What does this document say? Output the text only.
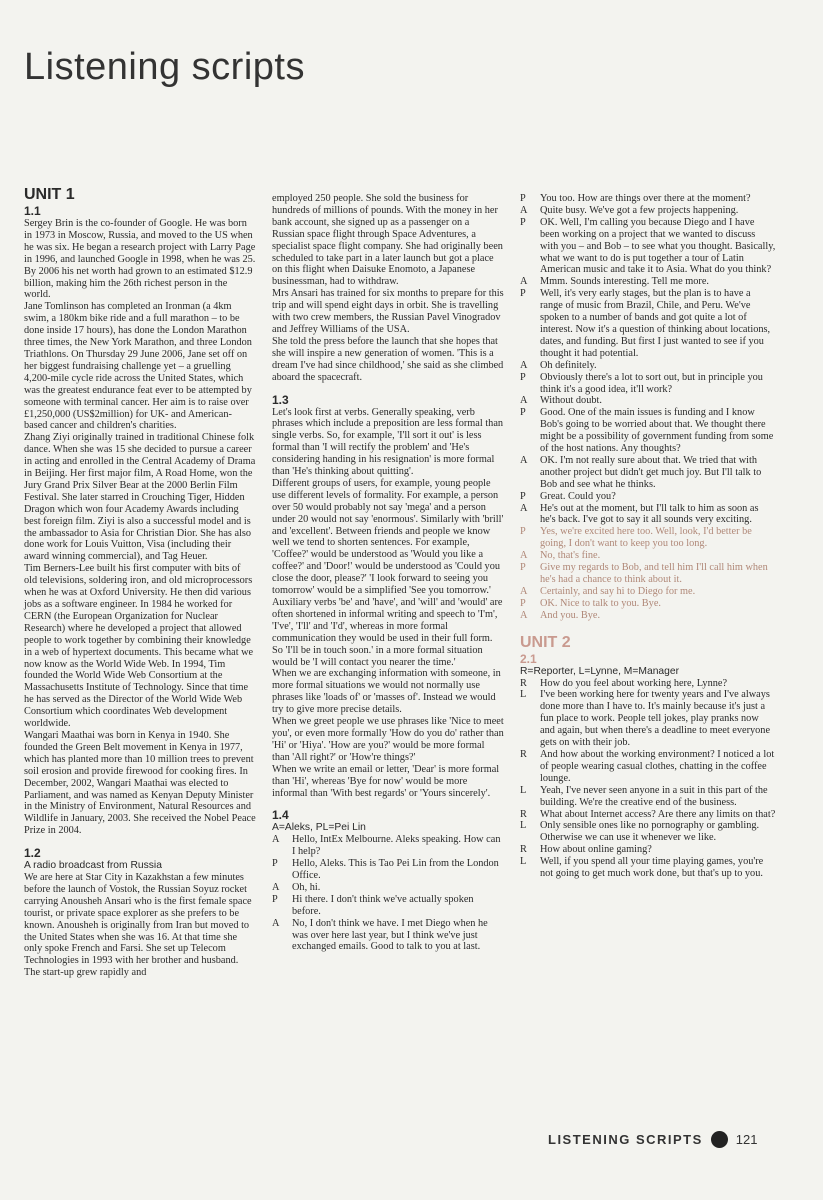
Listening scripts
UNIT 1
1.1

Sergey Brin is the co-founder of Google. He was born in 1973 in Moscow, Russia, and moved to the US when he was six. He began a research project with Larry Page in 1996, and launched Google in 1998, when he was 25. By 2006 his net worth had grown to an estimated $12.9 billion, making him the 26th richest person in the world.

Jane Tomlinson has completed an Ironman (a 4km swim, a 180km bike ride and a full marathon – to be done inside 17 hours), has done the London Marathon three times, the New York Marathon, and three London Triathlons. On Thursday 29 June 2006, Jane set off on her biggest fundraising challenge yet – a gruelling 4,200-mile cycle ride across the United States, which was the greatest endurance feat ever to be attempted by someone with terminal cancer. Her aim is to raise over £1,250,000 (US$2million) for UK- and American- based cancer and children's charities.

Zhang Ziyi originally trained in traditional Chinese folk dance. When she was 15 she decided to pursue a career in acting and enrolled in the Central Academy of Drama in Beijing. Her first major film, A Road Home, won the Jury Grand Prix Silver Bear at the 2000 Berlin Film Festival. She later starred in Crouching Tiger, Hidden Dragon which won four Academy Awards including best foreign film. Ziyi is also a successful model and is the ambassador to Asia for Christian Dior. She has also done work for Louis Vuitton, Visa (including their award winning commercial), and Tag Heuer.

Tim Berners-Lee built his first computer with bits of old televisions, soldering iron, and old microprocessors when he was at Oxford University. He then did various jobs as a software engineer. In 1984 he worked for CERN (the European Organization for Nuclear Research) where he developed a project that allowed people to work together by combining their knowledge in a web of hypertext documents. This became what we now know as the World Wide Web. In 1994, Tim founded the World Wide Web Consortium at the Massachusetts Institute of Technology. Since that time he has served as the Director of the World Wide Web Consortium which coordinates Web development worldwide.

Wangari Maathai was born in Kenya in 1940. She founded the Green Belt movement in Kenya in 1977, which has planted more than 10 million trees to prevent soil erosion and provide firewood for cooking fires. In December, 2002, Wangari Maathai was elected to Parliament, and was named as Kenyan Deputy Minister in the Ministry of Environment, Natural Resources and Wildlife in January, 2003. She received the Nobel Peace Prize in 2004.

1.2

A radio broadcast from Russia

We are here at Star City in Kazakhstan a few minutes before the launch of Vostok, the Russian Soyuz rocket carrying Anousheh Ansari who is the first female space tourist, or private space explorer as she prefers to be known. Anousheh is originally from Iran but moved to the United States when she was 16. At that time she only spoke French and Farsi. She set up Telecom Technologies in 1993 with her brother and husband. The start-up grew rapidly and

employed 250 people. She sold the business for hundreds of millions of pounds. With the money in her bank account, she signed up as a passenger on a Russian space flight through Space Adventures, a specialist space flight company. She had originally been scheduled to take part in a later launch but got a place on this flight when Daisuke Enomoto, a Japanese businessman, had to withdraw.

Mrs Ansari has trained for six months to prepare for this trip and will spend eight days in orbit. She is travelling with two crew members, the Russian Pavel Vinogradov and Jeffrey Williams of the USA.

She told the press before the launch that she hopes that she will inspire a new generation of women. 'This is a dream I've had since childhood,' she said as she climbed aboard the spacecraft.

1.3

Let's look first at verbs. Generally speaking, verb phrases which include a preposition are less formal than single verbs. So, for example, 'I'll sort it out' is less formal than 'I will rectify the problem' and 'He's considering handing in his resignation' is more formal than 'He's thinking about quitting'.

Different groups of users, for example, young people use different levels of formality. For example, a person over 50 would probably not say 'mega' and a person under 20 would not say 'enormous'. Similarly with 'brill' and 'excellent'. Between friends and people we know well we tend to shorten sentences. For example, 'Coffee?' would be understood as 'Would you like a coffee?' and 'Door!' would be understood as 'Could you close the door, please?' 'I look forward to seeing you tomorrow' would be a simplified 'See you tomorrow.'

Auxiliary verbs 'be' and 'have', and 'will' and 'would' are often shortened in informal writing and speech to 'I'm', 'I've', 'I'll' and 'I'd', whereas in more formal communication they would be used in their full form. So 'I'll be in touch soon.' in a more formal situation would be 'I will contact you nearer the time.'

When we are exchanging information with someone, in more formal situations we would not normally use phrases like 'loads of' or 'masses of'. Instead we would try to give more precise details.

When we greet people we use phrases like 'Nice to meet you', or even more formally 'How do you do' rather than 'Hi' or 'Hiya'. 'How are you?' would be more formal than 'All right?' or 'How're things?'

When we write an email or letter, 'Dear' is more formal than 'Hi', whereas 'Bye for now' would be more informal than 'With best regards' or 'Yours sincerely'.

1.4

A=Aleks, PL=Pei Lin

A	Hello, IntEx Melbourne. Aleks speaking. How can I help?
P	Hello, Aleks. This is Tao Pei Lin from the London Office.
A	Oh, hi.
P	Hi there. I don't think we've actually spoken before.
A	No, I don't think we have. I met Diego when he was over here last year, but I think we've just exchanged emails. Good to talk to you at last.
P	You too. How are things over there at the moment?
A	Quite busy. We've got a few projects happening.
P	OK. Well, I'm calling you because Diego and I have been working on a project that we wanted to discuss with you – and Bob – to see what you thought. Basically, what we want to do is put together a tour of Latin American music and take it to Asia. What do you think?
A	Mmm. Sounds interesting. Tell me more.
P	Well, it's very early stages, but the plan is to have a range of music from Brazil, Chile, and Peru. We've spoken to a number of bands and got quite a lot of interest. Now it's a question of thinking about locations, dates, and funding. But first I just wanted to see if you thought it had potential.
A	Oh definitely.
P	Obviously there's a lot to sort out, but in principle you think it's a good idea, it'll work?
A	Without doubt.
P	Good. One of the main issues is funding and I know Bob's going to be worried about that. We thought there might be a possibility of government funding from some of the host nations. Any thoughts?
A	OK. I'm not really sure about that. We tried that with another project but didn't get much joy. But I'll talk to Bob and see what he thinks.
P	Great. Could you?
A	He's out at the moment, but I'll talk to him as soon as he's back. I've got to say it all sounds very exciting.
P	Yes, we're excited here too. Well, look, I'd better be going, I don't want to keep you too long.
A	No, that's fine.
P	Give my regards to Bob, and tell him I'll call him when he's had a chance to think about it.
A	Certainly, and say hi to Diego for me.
P	OK. Nice to talk to you. Bye.
A	And you. Bye.
UNIT 2
2.1

R=Reporter, L=Lynne, M=Manager

R	How do you feel about working here, Lynne?
L	I've been working here for twenty years and I've always done more than I have to. It's mainly because it's just a fun place to work. People tell jokes, play pranks now and again, but when there's a deadline to meet everyone gets on with their job.
R	And how about the working environment? I noticed a lot of people wearing casual clothes, chatting in the coffee lounge.
L	Yeah, I've never seen anyone in a suit in this part of the building. We're the creative end of the business.
R	What about Internet access? Are there any limits on that?
L	Only sensible ones like no pornography or gambling. Otherwise we can use it whenever we like.
R	How about online gaming?
L	Well, if you spend all your time playing games, you're not going to get much work done, but that's up to you.
LISTENING SCRIPTS	121
